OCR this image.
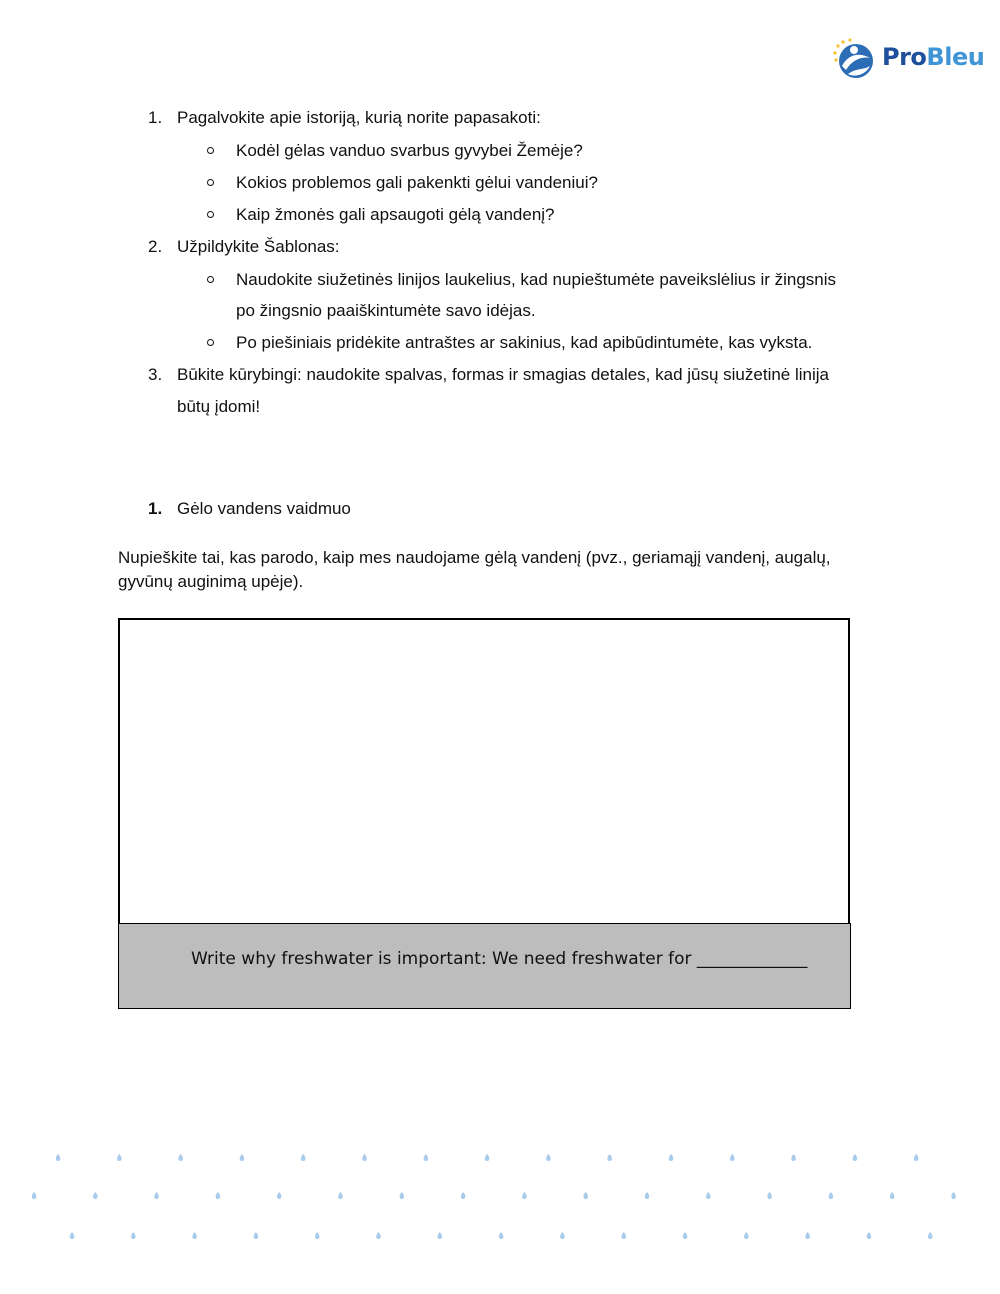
ProBleu
1. Pagalvokite apie istoriją, kurią norite papasakoti:
Kodėl gėlas vanduo svarbus gyvybei Žemėje?
Kokios problemos gali pakenkti gėlui vandeniui?
Kaip žmonės gali apsaugoti gėlą vandenį?
2. Užpildykite Šablonas:
Naudokite siužetinės linijos laukelius, kad nupieštumėte paveikslėlius ir žingsnis
po žingsnio paaiškintumėte savo idėjas.
Po piešiniais pridėkite antraštes ar sakinius, kad apibūdintumėte, kas vyksta.
3. Būkite kūrybingi: naudokite spalvas, formas ir smagias detales, kad jūsų siužetinė linija
būtų įdomi!
1. Gėlo vandens vaidmuo
Nupieškite tai, kas parodo, kaip mes naudojame gėlą vandenį (pvz., geriamąjį vandenį, augalų,
gyvūnų auginimą upėje).
Write why freshwater is important: We need freshwater for _____________
